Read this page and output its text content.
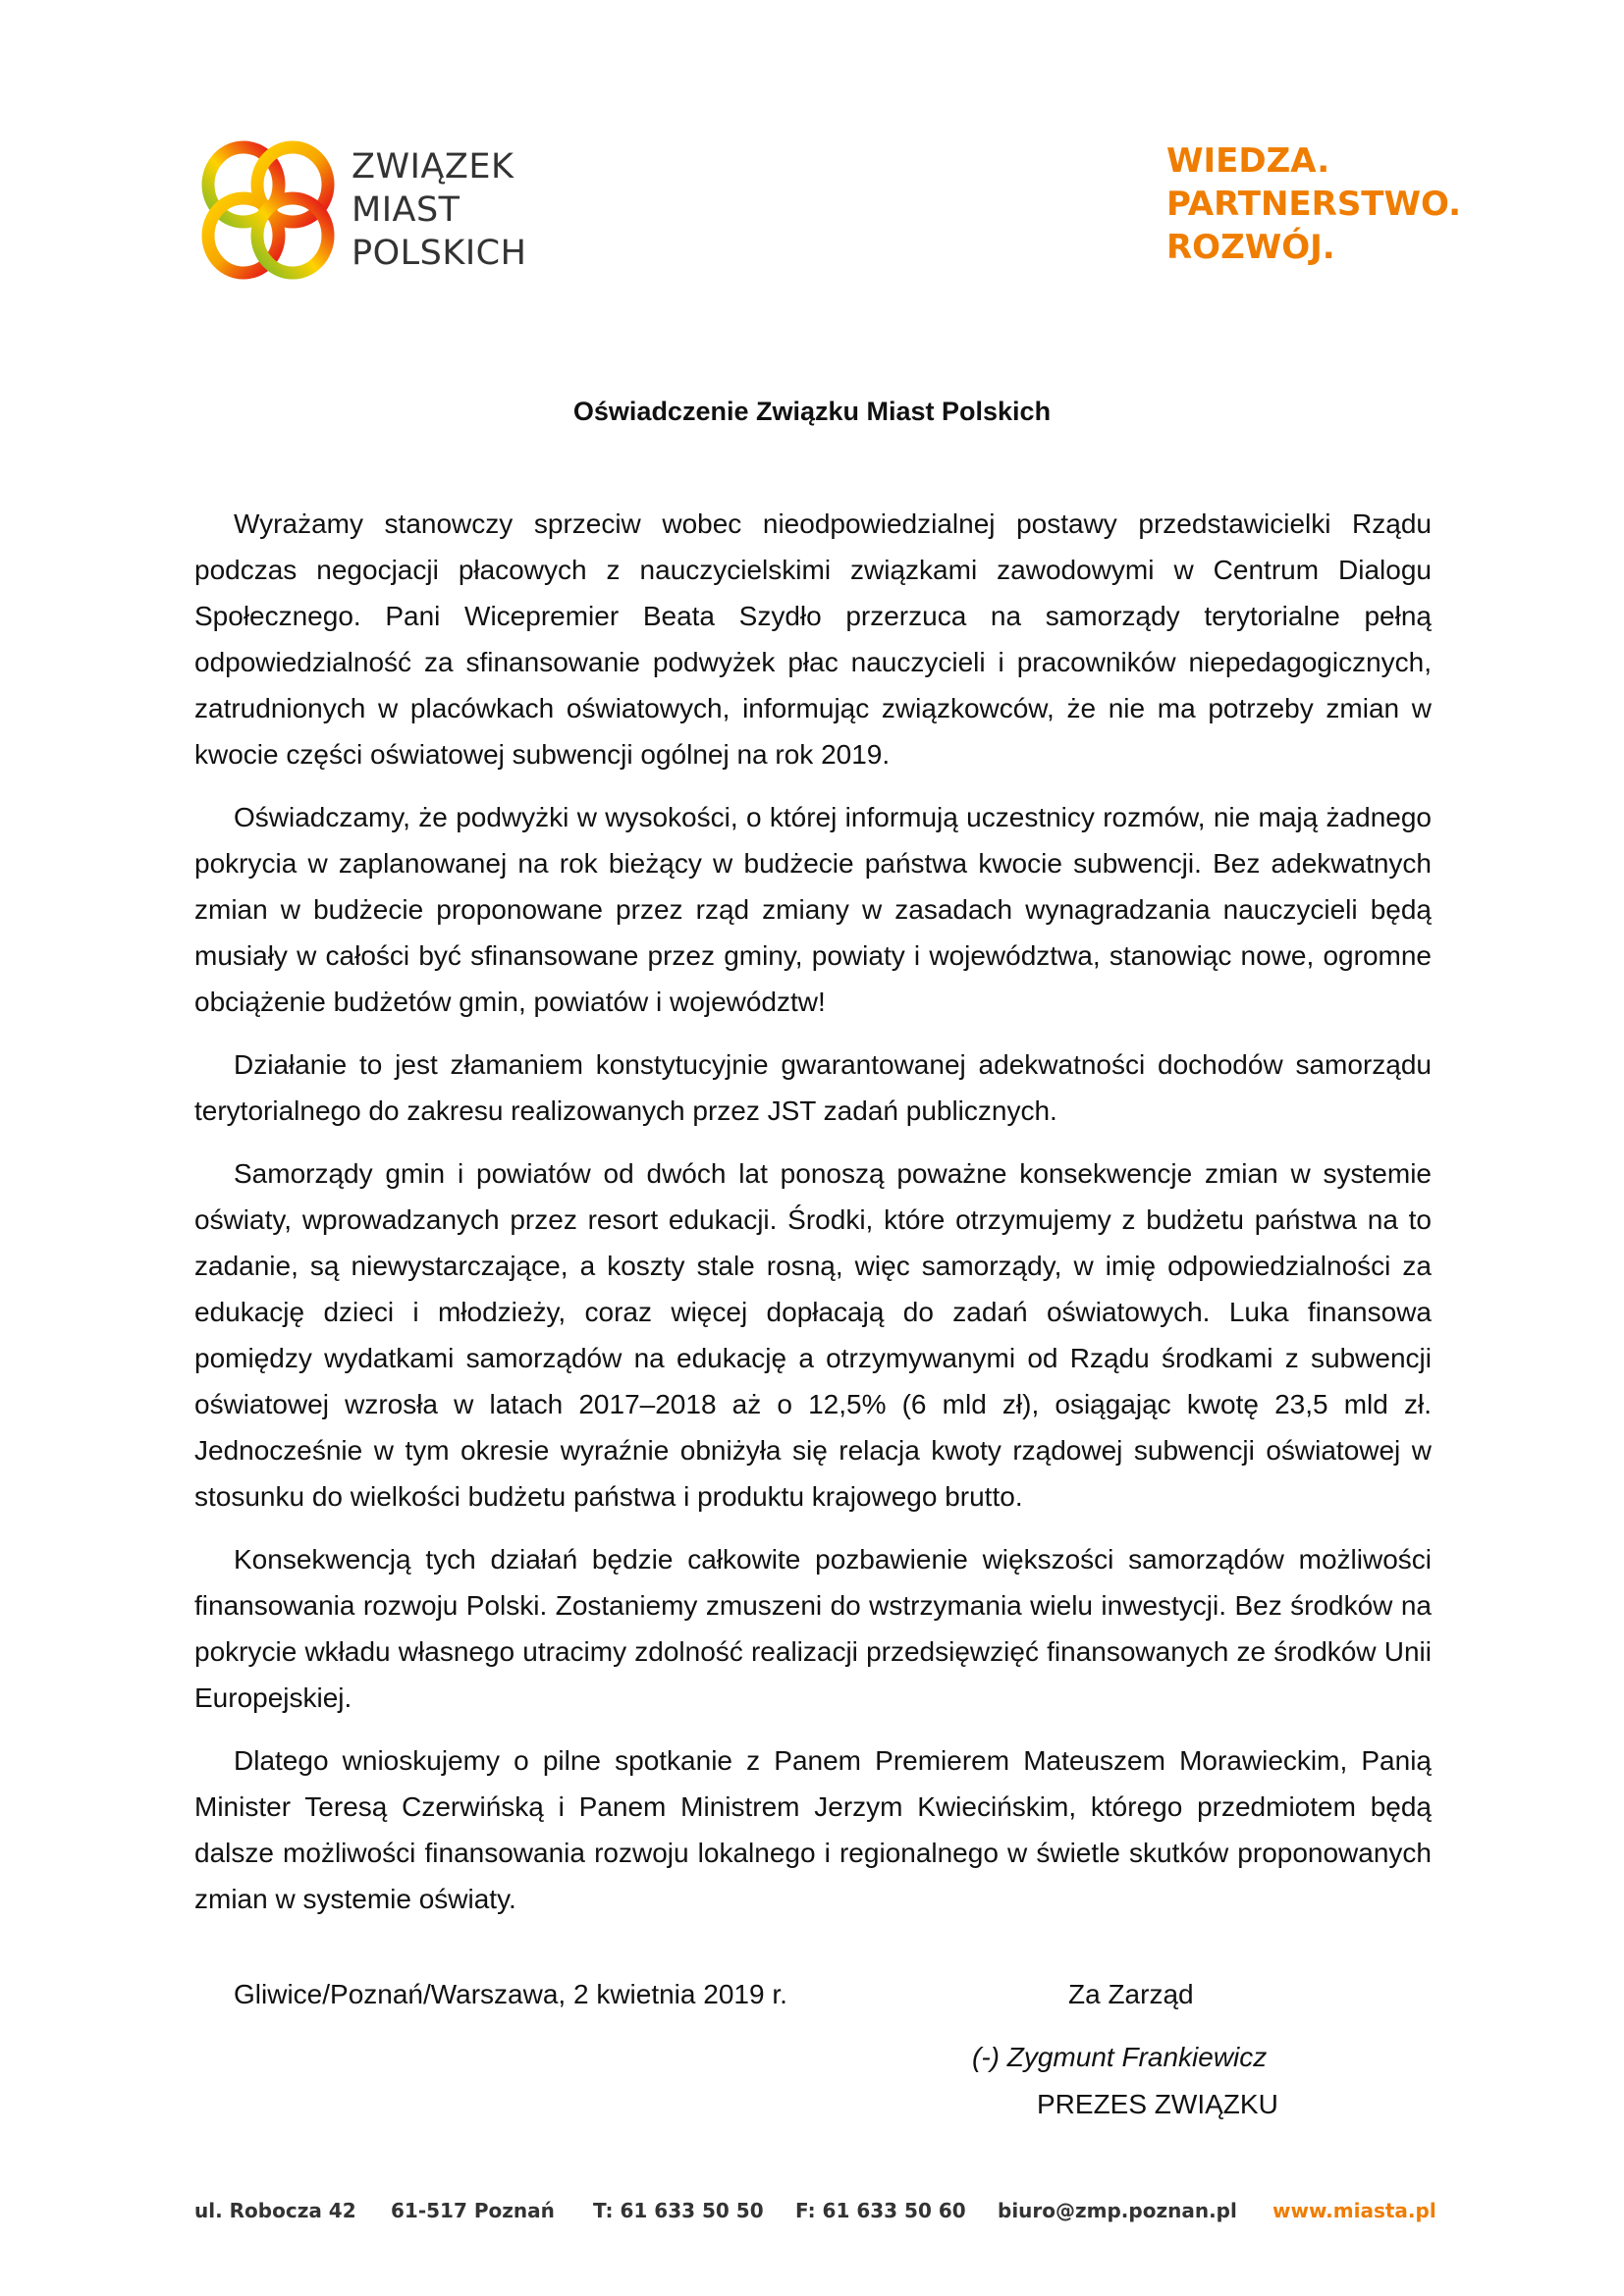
ZWIĄZEK
MIAST
POLSKICH
WIEDZA.
PARTNERSTWO.
ROZWÓJ.
Oświadczenie Związku Miast Polskich

Wyrażamy stanowczy sprzeciw wobec nieodpowiedzialnej postawy przedstawicielki Rządu podczas negocjacji płacowych z nauczycielskimi związkami zawodowymi w Centrum Dialogu Społecznego. Pani Wicepremier Beata Szydło przerzuca na samorządy terytorialne pełną odpowiedzialność za sfinansowanie podwyżek płac nauczycieli i pracowników niepedagogicznych, zatrudnionych w placówkach oświatowych, informując związkowców, że nie ma potrzeby zmian w kwocie części oświatowej subwencji ogólnej na rok 2019.

Oświadczamy, że podwyżki w wysokości, o której informują uczestnicy rozmów, nie mają żadnego pokrycia w zaplanowanej na rok bieżący w budżecie państwa kwocie subwencji. Bez adekwatnych zmian w budżecie proponowane przez rząd zmiany w zasadach wynagradzania nauczycieli będą musiały w całości być sfinansowane przez gminy, powiaty i województwa, stanowiąc nowe, ogromne obciążenie budżetów gmin, powiatów i województw!

Działanie to jest złamaniem konstytucyjnie gwarantowanej adekwatności dochodów samorządu terytorialnego do zakresu realizowanych przez JST zadań publicznych.

Samorządy gmin i powiatów od dwóch lat ponoszą poważne konsekwencje zmian w systemie oświaty, wprowadzanych przez resort edukacji. Środki, które otrzymujemy z budżetu państwa na to zadanie, są niewystarczające, a koszty stale rosną, więc samorządy, w imię odpowiedzialności za edukację dzieci i młodzieży, coraz więcej dopłacają do zadań oświatowych. Luka finansowa pomiędzy wydatkami samorządów na edukację a otrzymywanymi od Rządu środkami z subwencji oświatowej wzrosła w latach 2017–2018 aż o 12,5% (6 mld zł), osiągając kwotę 23,5 mld zł. Jednocześnie w tym okresie wyraźnie obniżyła się relacja kwoty rządowej subwencji oświatowej w stosunku do wielkości budżetu państwa i produktu krajowego brutto.

Konsekwencją tych działań będzie całkowite pozbawienie większości samorządów możliwości finansowania rozwoju Polski. Zostaniemy zmuszeni do wstrzymania wielu inwestycji. Bez środków na pokrycie wkładu własnego utracimy zdolność realizacji przedsięwzięć finansowanych ze środków Unii Europejskiej.

Dlatego wnioskujemy o pilne spotkanie z Panem Premierem Mateuszem Morawieckim, Panią Minister Teresą Czerwińską i Panem Ministrem Jerzym Kwiecińskim, którego przedmiotem będą dalsze możliwości finansowania rozwoju lokalnego i regionalnego w świetle skutków proponowanych zmian w systemie oświaty.

Gliwice/Poznań/Warszawa, 2 kwietnia 2019 r.	Za Zarząd
(-) Zygmunt Frankiewicz
PREZES ZWIĄZKU
ul. Robocza 42 61-517 Poznań T: 61 633 50 50 F: 61 633 50 60 biuro@zmp.poznan.pl www.miasta.pl
